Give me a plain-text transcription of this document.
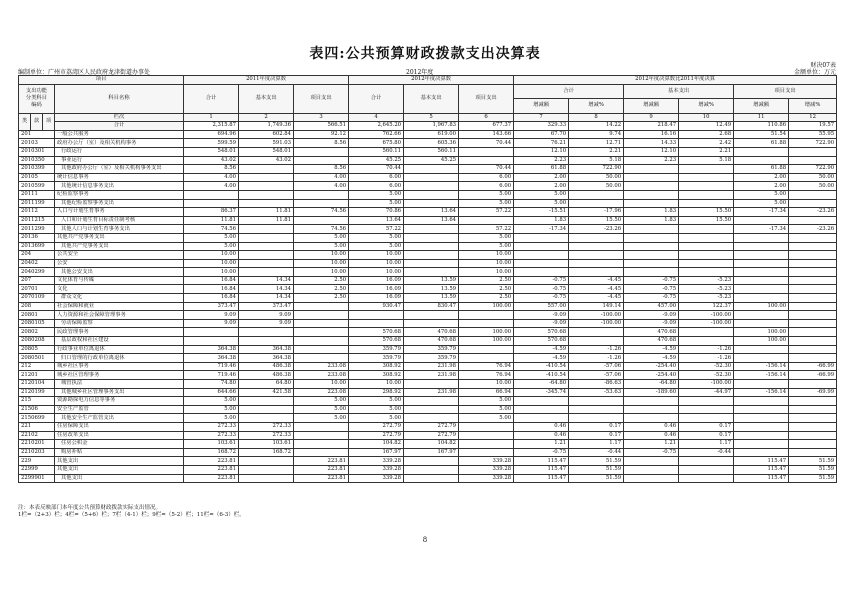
表四:公共预算财政拨款支出决算表
财决07表
编制单位：广州市荔湾区人民政府龙津街道办事处	2012年度	金额单位：万元
项目				2011年度决算数			2012年度决算数			2012年度决算数比2011年度决算					
支出功能
分类科目
编码			科目名称	合计	基本支出	项目支出	合计	基本支出	项目支出	合计		基本支出		项目支出	
										增减额	增减%	增减额	增减%	增减额	增减%
类	款	项	栏次	1	2	3	4	5	6	7	8	9	10	11	12
			合计	2,315.87	1,749.36	566.51	2,645.20	1,967.83	677.37	329.33	14.22	218.47	12.49	110.86	19.57
201			一般公共服务	694.96	602.84	92.12	762.66	619.00	143.66	67.70	9.74	16.16	2.68	51.54	55.95
20103			政府办公厅（室）及相关机构事务	599.59	591.03	8.56	675.80	605.36	70.44	76.21	12.71	14.33	2.42	61.88	722.90
2010301			行政运行	548.01	548.01		560.11	560.11		12.10	2.21	12.10	2.21		
2010350			事业运行	43.02	43.02		45.25	45.25		2.23	5.18	2.23	5.18		
2010399			其他政府办公厅（室）及相关机构事务支出	8.56		8.56	70.44		70.44	61.88	722.90			61.88	722.90
20105			统计信息事务	4.00		4.00	6.00		6.00	2.00	50.00			2.00	50.00
2010599			其他统计信息事务支出	4.00		4.00	6.00		6.00	2.00	50.00			2.00	50.00
20111			纪检监察事务				5.00		5.00	5.00				5.00	
2011199			其他纪检监察事务支出				5.00		5.00	5.00				5.00	
20112			人口与计划生育事务	86.37	11.81	74.56	70.86	13.64	57.22	-15.51	-17.96	1.83	15.50	-17.34	-23.26
2011215			人口和计划生育目标责任制考核	11.81	11.81		13.64	13.64		1.83	15.50	1.83	15.50		
2011299			其他人口与计划生育事务支出	74.56		74.56	57.22		57.22	-17.34	-23.26			-17.34	-23.26
20136			其他共产党事务支出	5.00		5.00	5.00		5.00						
2013699			其他共产党事务支出	5.00		5.00	5.00		5.00						
204			公共安全	10.00		10.00	10.00		10.00						
20402			公安	10.00		10.00	10.00		10.00						
2040299			其他公安支出	10.00		10.00	10.00		10.00						
207			文化体育与传媒	16.84	14.34	2.50	16.09	13.59	2.50	-0.75	-4.45	-0.75	-5.23		
20701			文化	16.84	14.34	2.50	16.09	13.59	2.50	-0.75	-4.45	-0.75	-5.23		
2070109			群众文化	16.84	14.34	2.50	16.09	13.59	2.50	-0.75	-4.45	-0.75	-5.23		
208			社会保障和就业	373.47	373.47		930.47	830.47	100.00	557.00	149.14	457.00	122.37	100.00	
20801			人力资源和社会保障管理事务	9.09	9.09					-9.09	-100.00	-9.09	-100.00		
2080105			劳动保障监察	9.09	9.09					-9.09	-100.00	-9.09	-100.00		
20802			民政管理事务				570.68	470.68	100.00	570.68		470.68		100.00	
2080208			基层政权和社区建设				570.68	470.68	100.00	570.68		470.68		100.00	
20805			行政事业单位离退休	364.38	364.38		359.79	359.79		-4.59	-1.26	-4.59	-1.26		
2080501			归口管理的行政单位离退休	364.38	364.38		359.79	359.79		-4.59	-1.26	-4.59	-1.26		
212			城乡社区事务	719.46	486.38	233.08	308.92	231.98	76.94	-410.54	-57.06	-254.40	-52.30	-156.14	-66.99
21201			城乡社区管理事务	719.46	486.38	233.08	308.92	231.98	76.94	-410.54	-57.06	-254.40	-52.30	-156.14	-66.99
2120104			城管执法	74.80	64.80	10.00	10.00		10.00	-64.80	-86.63	-64.80	-100.00		
2120199			其他城乡社区管理事务支出	644.66	421.58	223.08	298.92	231.98	66.94	-345.74	-53.63	-189.60	-44.97	-156.14	-69.99
215			资源勘探电力信息等事务	5.00		5.00	5.00		5.00						
21506			安全生产监管	5.00		5.00	5.00		5.00						
2150699			其他安全生产监管支出	5.00		5.00	5.00		5.00						
221			住房保障支出	272.33	272.33		272.79	272.79		0.46	0.17	0.46	0.17		
22102			住房改革支出	272.33	272.33		272.79	272.79		0.46	0.17	0.46	0.17		
2210201			住房公积金	103.61	103.61		104.82	104.82		1.21	1.17	1.21	1.17		
2210203			购房补贴	168.72	168.72		167.97	167.97		-0.75	-0.44	-0.75	-0.44		
229			其他支出	223.81		223.81	339.28		339.28	115.47	51.59			115.47	51.59
22999			其他支出	223.81		223.81	339.28		339.28	115.47	51.59			115.47	51.59
2299901			其他支出	223.81		223.81	339.28		339.28	115.47	51.59			115.47	51.59
注：本表反映部门本年度公共预算财政拨款实际支出情况。
1栏=（2+3）栏；4栏=（5+6）栏；7栏（4-1）栏；9栏=（5-2）栏；11栏=（6-3）栏。
8
